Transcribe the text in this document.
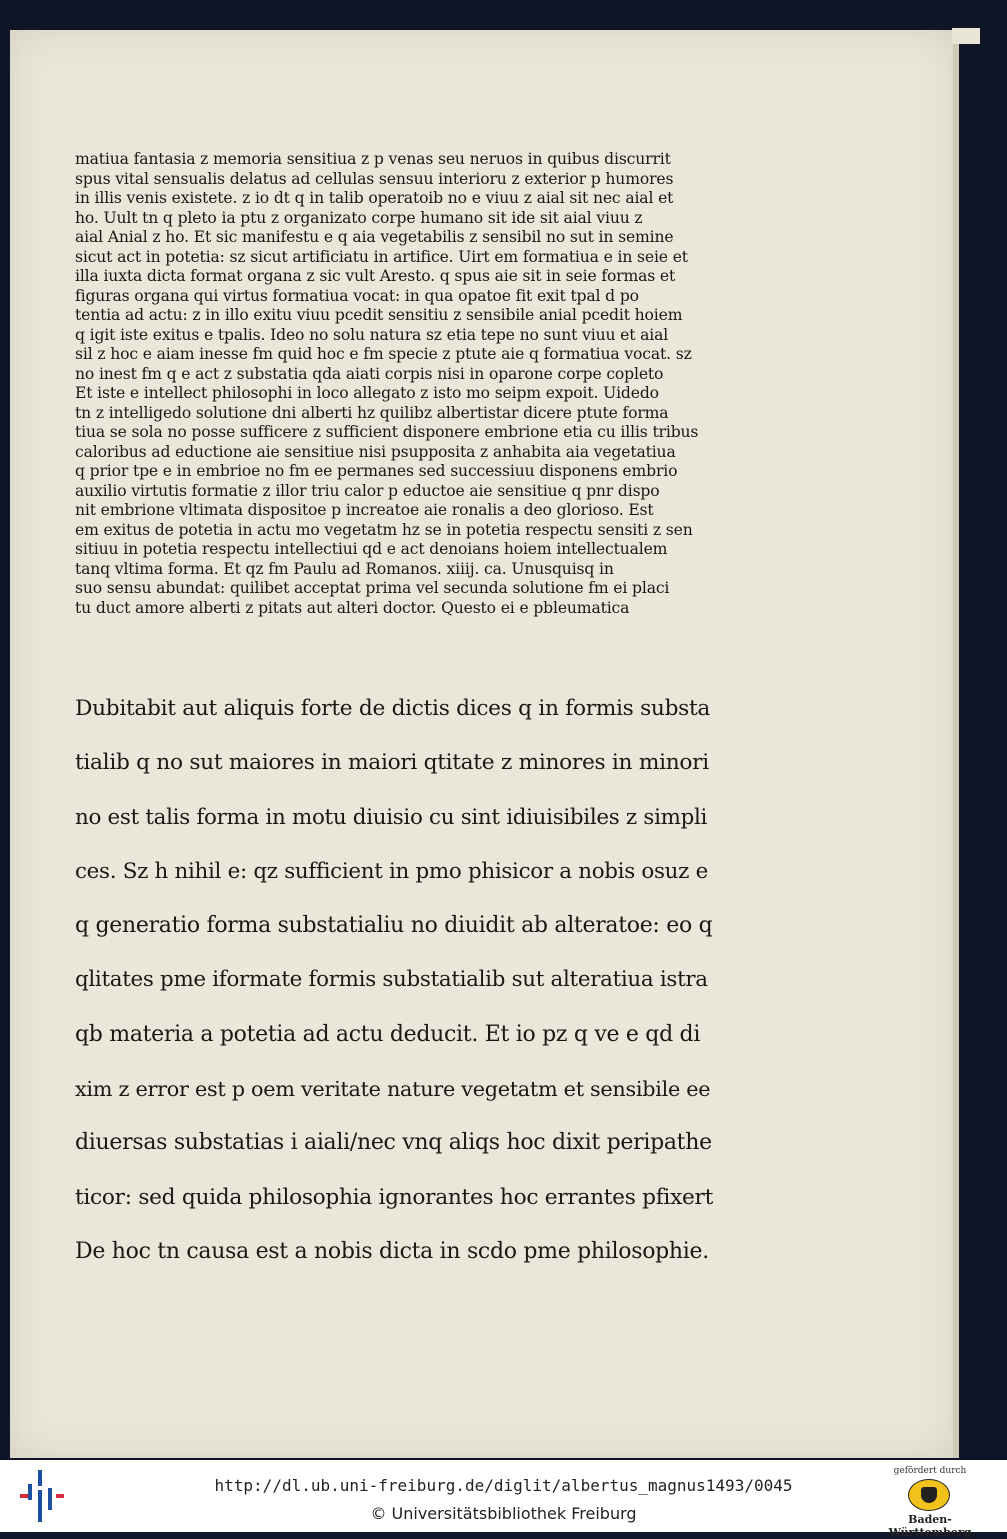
matiua fantasia z memoria sensitiua z p venas seu neruos in quibus discurrit
spus vital sensualis delatus ad cellulas sensuu interioru z exterior p humores
in illis venis existete. z io dt q in talib operatoib no e viuu z aial sit nec aial et
ho. Uult tn q pleto ia ptu z organizato corpe humano sit ide sit aial viuu z
aial Anial z ho. Et sic manifestu e q aia vegetabilis z sensibil no sut in semine
sicut act in potetia: sz sicut artificiatu in artifice. Uirt em formatiua e in seie et
illa iuxta dicta format organa z sic vult Aresto. q spus aie sit in seie formas et
figuras organa qui virtus formatiua vocat: in qua opatoe fit exit tpal d po
tentia ad actu: z in illo exitu viuu pcedit sensitiu z sensibile anial pcedit hoiem
q igit iste exitus e tpalis. Ideo no solu natura sz etia tepe no sunt viuu et aial
sil z hoc e aiam inesse fm quid hoc e fm specie z ptute aie q formatiua vocat. sz
no inest fm q e act z substatia qda aiati corpis nisi in oparone corpe copleto
Et iste e intellect philosophi in loco allegato z isto mo seipm expoit. Uidedo
tn z intelligedo solutione dni alberti hz quilibz albertistar dicere ptute forma
tiua se sola no posse sufficere z sufficient disponere embrione etia cu illis tribus
caloribus ad eductione aie sensitiue nisi psupposita z anhabita aia vegetatiua
q prior tpe e in embrioe no fm ee permanes sed successiuu disponens embrio
auxilio virtutis formatie z illor triu calor p eductoe aie sensitiue q pnr dispo
nit embrione vltimata dispositoe p increatoe aie ronalis a deo glorioso. Est
em exitus de potetia in actu mo vegetatm hz se in potetia respectu sensiti z sen
sitiuu in potetia respectu intellectiui qd e act denoians hoiem intellectualem
tanq vltima forma. Et qz fm Paulu ad Romanos. xiiij. ca. Unusquisq in
suo sensu abundat: quilibet acceptat prima vel secunda solutione fm ei placi
tu duct amore alberti z pitats aut alteri doctor. Questo ei e pbleumatica
Dubitabit aut aliquis forte de dictis dices q in formis substa
tialib q no sut maiores in maiori qtitate z minores in minori
no est talis forma in motu diuisio cu sint idiuisibiles z simpli
ces. Sz h nihil e: qz sufficient in pmo phisicor a nobis osuz e
q generatio forma substatialiu no diuidit ab alteratoe: eo q
qlitates pme iformate formis substatialib sut alteratiua istra
qb materia a potetia ad actu deducit. Et io pz q ve e qd di
xim z error est p oem veritate nature vegetatm et sensibile ee
diuersas substatias i aiali/nec vnq aliqs hoc dixit peripathe
ticor: sed quida philosophia ignorantes hoc errantes pfixert
De hoc tn causa est a nobis dicta in scdo pme philosophie.
http://dl.ub.uni-freiburg.de/diglit/albertus_magnus1493/0045
© Universitätsbibliothek Freiburg
gefördert durch
Baden-Württemberg
